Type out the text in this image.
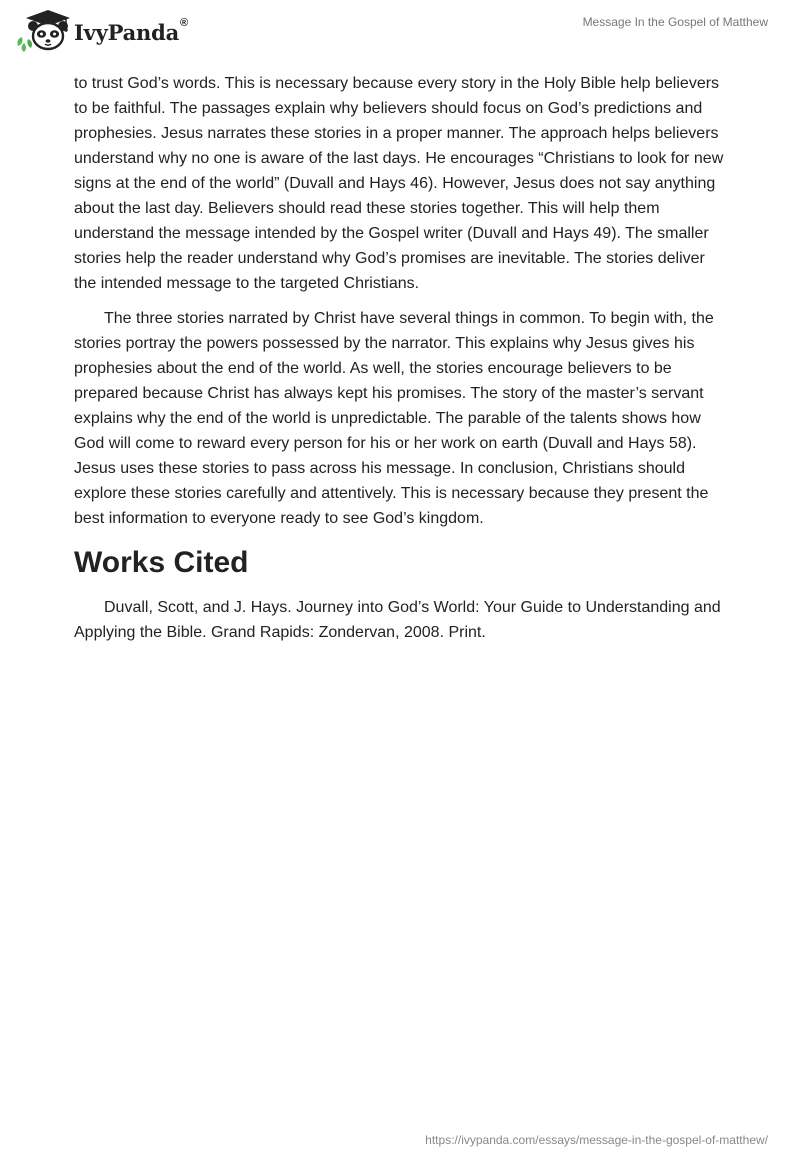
IvyPanda®	Message In the Gospel of Matthew

to trust God’s words. This is necessary because every story in the Holy Bible help believers to be faithful. The passages explain why believers should focus on God’s predictions and prophesies. Jesus narrates these stories in a proper manner. The approach helps believers understand why no one is aware of the last days. He encourages “Christians to look for new signs at the end of the world” (Duvall and Hays 46). However, Jesus does not say anything about the last day. Believers should read these stories together. This will help them understand the message intended by the Gospel writer (Duvall and Hays 49). The smaller stories help the reader understand why God’s promises are inevitable. The stories deliver the intended message to the targeted Christians.

The three stories narrated by Christ have several things in common. To begin with, the stories portray the powers possessed by the narrator. This explains why Jesus gives his prophesies about the end of the world. As well, the stories encourage believers to be prepared because Christ has always kept his promises. The story of the master’s servant explains why the end of the world is unpredictable. The parable of the talents shows how God will come to reward every person for his or her work on earth (Duvall and Hays 58). Jesus uses these stories to pass across his message. In conclusion, Christians should explore these stories carefully and attentively. This is necessary because they present the best information to everyone ready to see God’s kingdom.

Works Cited

Duvall, Scott, and J. Hays. Journey into God’s World: Your Guide to Understanding and Applying the Bible. Grand Rapids: Zondervan, 2008. Print.

https://ivypanda.com/essays/message-in-the-gospel-of-matthew/
